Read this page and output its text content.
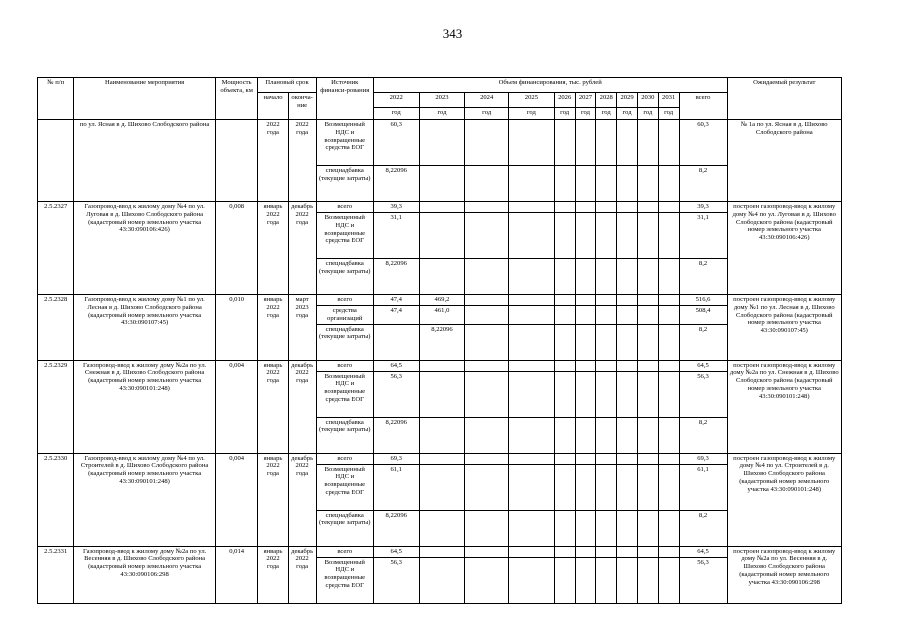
343
№ п/п	Наименование мероприятия	Мощность объекта, км	Плановый срок		Источник финанси-рования	Объем финансирования, тыс. рублей											Ожидаемый результат
			начало	оконча-ние		2022	2023	2024	2025	2026	2027	2028	2029	2030	2031	всего	
						год	год	год	год	год	год	год	год	год	год		
	по ул. Ясная в д. Шихово Слободского района		2022 года	2022 года	Возмещенный НДС и возвращенные средства ЕОГ	60,3										60,3	№ 1а по ул. Ясная в д. Шихово Слободского района
					спецнадбавка (текущие затраты)	8,22096										8,2	
2.5.2327	Газопровод-ввод к жилому дому №4 по ул. Луговая в д. Шихово Слободского района (кадастровый номер земельного участка 43:30:090106:426)	0,008	январь 2022 года	декабрь 2022 года	всего	39,3										39,3	построен газопровод-ввод к жилому дому №4 по ул. Луговая в д. Шихово Слободского района (кадастровый номер земельного участка 43:30:090106:426)
					Возмещенный НДС и возвращенные средства ЕОГ	31,1										31,1	
					спецнадбавка (текущие затраты)	8,22096										8,2	
2.5.2328	Газопровод-ввод к жилому дому №1 по ул. Лесная в д. Шихово Слободского района (кадастровый номер земельного участка 43:30:090107:45)	0,010	январь 2022 года	март 2023 года	всего	47,4	469,2									516,6	построен газопровод-ввод к жилому дому №1 по ул. Лесная в д. Шихово Слободского района (кадастровый номер земельного участка 43:30:090107:45)
					средства организаций	47,4	461,0									508,4	
					спецнадбавка (текущие затраты)		8,22096									8,2	
2.5.2329	Газопровод-ввод к жилому дому №2а по ул. Снежная в д. Шихово Слободского района (кадастровый номер земельного участка 43:30:090101:248)	0,004	январь 2022 года	декабрь 2022 года	всего	64,5										64,5	построен газопровод-ввод к жилому дому №2а по ул. Снежная в д. Шихово Слободского района (кадастровый номер земельного участка 43:30:090101:248)
					Возмещенный НДС и возвращенные средства ЕОГ	56,3										56,3	
					спецнадбавка (текущие затраты)	8,22096										8,2	
2.5.2330	Газопровод-ввод к жилому дому №4 по ул. Строителей в д. Шихово Слободского района (кадастровый номер земельного участка 43:30:090101:248)	0,004	январь 2022 года	декабрь 2022 года	всего	69,3										69,3	построен газопровод-ввод к жилому дому №4 по ул. Строителей в д. Шихово Слободского района (кадастровый номер земельного участка 43:30:090101:248)
					Возмещенный НДС и возвращенные средства ЕОГ	61,1										61,1	
					спецнадбавка (текущие затраты)	8,22096										8,2	
2.5.2331	Газопровод-ввод к жилому дому №2а по ул. Весенняя в д. Шихово Слободского района (кадастровый номер земельного участка 43:30:090106:298	0,014	январь 2022 года	декабрь 2022 года	всего	64,5										64,5	построен газопровод-ввод к жилому дому №2а по ул. Весенняя в д. Шихово Слободского района (кадастровый номер земельного участка 43:30:090106:298
					Возмещенный НДС и возвращенные средства ЕОГ	56,3										56,3	
